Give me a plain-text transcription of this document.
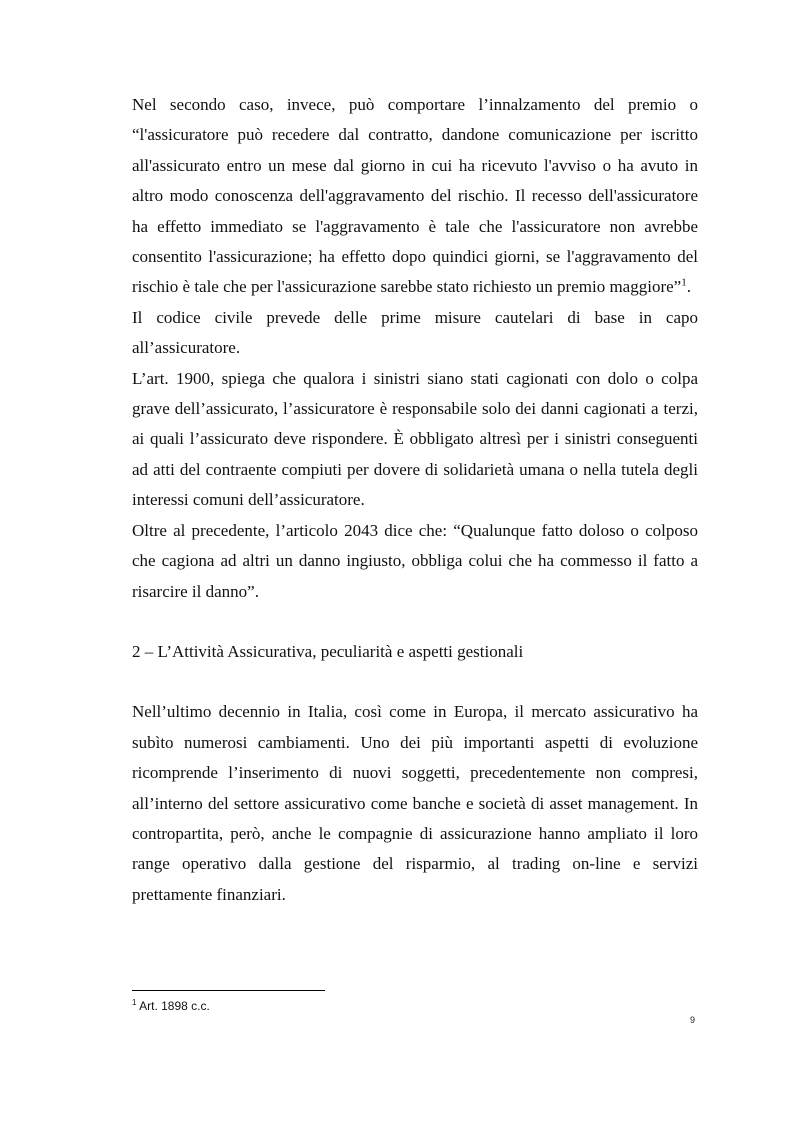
Nel secondo caso, invece, può comportare l’innalzamento del premio o “l'assicuratore può recedere dal contratto, dandone comunicazione per iscritto all'assicurato entro un mese dal giorno in cui ha ricevuto l'avviso o ha avuto in altro modo conoscenza dell'aggravamento del rischio. Il recesso dell'assicuratore ha effetto immediato se l'aggravamento è tale che l'assicuratore non avrebbe consentito l'assicurazione; ha effetto dopo quindici giorni, se l'aggravamento del rischio è tale che per l'assicurazione sarebbe stato richiesto un premio maggiore”$^1$.

Il codice civile prevede delle prime misure cautelari di base in capo all’assicuratore.

L’art. 1900, spiega che qualora i sinistri siano stati cagionati con dolo o colpa grave dell’assicurato, l’assicuratore è responsabile solo dei danni cagionati a terzi, ai quali l’assicurato deve rispondere. È obbligato altresì per i sinistri conseguenti ad atti del contraente compiuti per dovere di solidarietà umana o nella tutela degli interessi comuni dell’assicuratore.

Oltre al precedente, l’articolo 2043 dice che: “Qualunque fatto doloso o colposo che cagiona ad altri un danno ingiusto, obbliga colui che ha commesso il fatto a risarcire il danno”.

2 – L’Attività Assicurativa, peculiarità e aspetti gestionali

Nell’ultimo decennio in Italia, così come in Europa, il mercato assicurativo ha subìto numerosi cambiamenti. Uno dei più importanti aspetti di evoluzione ricomprende l’inserimento di nuovi soggetti, precedentemente non compresi, all’interno del settore assicurativo come banche e società di asset management. In contropartita, però, anche le compagnie di assicurazione hanno ampliato il loro range operativo dalla gestione del risparmio, al trading on-line e servizi prettamente finanziari.

$^1$ Art. 1898 c.c.
9
